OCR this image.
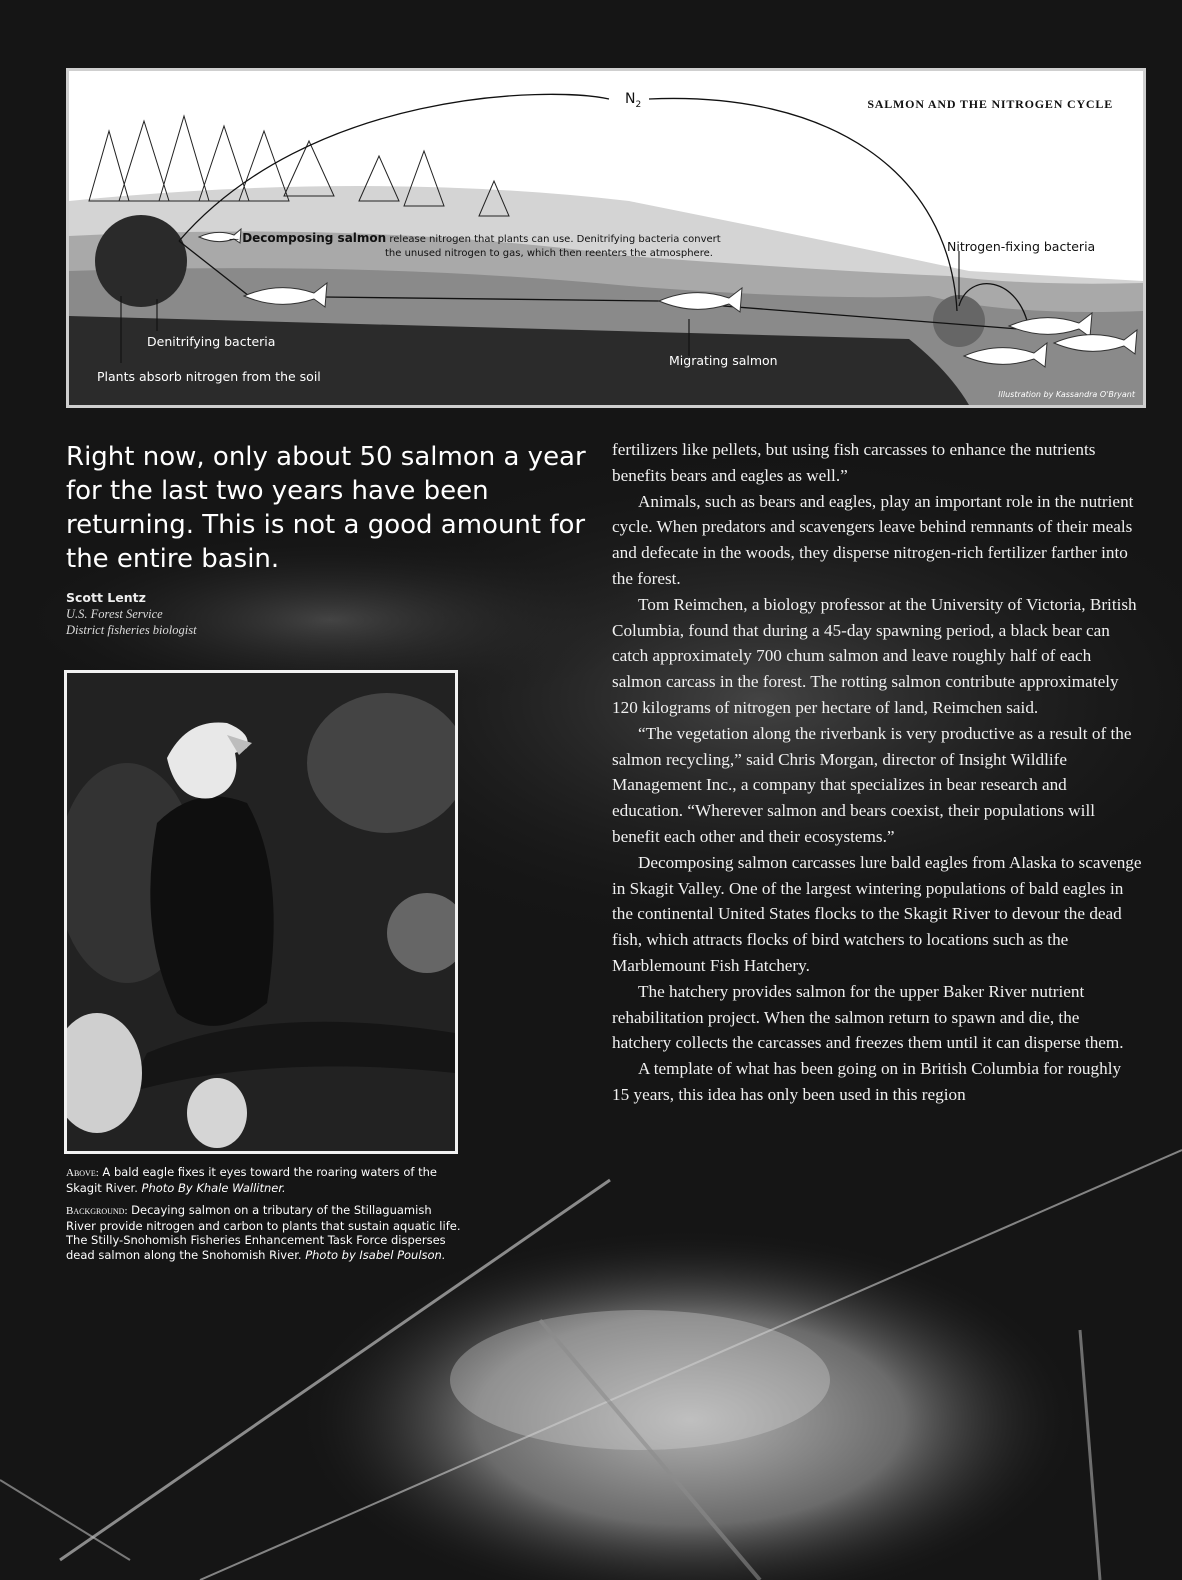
SALMON AND THE NITROGEN CYCLE
$N_2$
— Decomposing salmon release nitrogen that plants can use. Denitrifying bacteria convert
the unused nitrogen to gas, which then reenters the atmosphere.	Nitrogen-fixing bacteria
Denitrifying bacteria
Migrating salmon
Plants absorb nitrogen from the soil
Illustration by Kassandra O'Bryant

Right now, only about 50 salmon a year for the last two years have been returning. This is not a good amount for the entire basin.

Scott Lentz
U.S. Forest Service
District fisheries biologist

Above: A bald eagle fixes it eyes toward the roaring waters of the Skagit River. Photo By Khale Wallitner.

Background: Decaying salmon on a tributary of the Stillaguamish River provide nitrogen and carbon to plants that sustain aquatic life. The Stilly-Snohomish Fisheries Enhancement Task Force disperses dead salmon along the Snohomish River. Photo by Isabel Poulson.

fertilizers like pellets, but using fish carcasses to enhance the nutrients benefits bears and eagles as well.”

Animals, such as bears and eagles, play an important role in the nutrient cycle. When predators and scavengers leave behind remnants of their meals and defecate in the woods, they disperse nitrogen-rich fertilizer farther into the forest.

Tom Reimchen, a biology professor at the University of Victoria, British Columbia, found that during a 45-day spawning period, a black bear can catch approximately 700 chum salmon and leave roughly half of each salmon carcass in the forest. The rotting salmon contribute approximately 120 kilograms of nitrogen per hectare of land, Reimchen said.

“The vegetation along the riverbank is very productive as a result of the salmon recycling,” said Chris Morgan, director of Insight Wildlife Management Inc., a company that specializes in bear research and education. “Wherever salmon and bears coexist, their populations will benefit each other and their ecosystems.”

Decomposing salmon carcasses lure bald eagles from Alaska to scavenge in Skagit Valley. One of the largest wintering populations of bald eagles in the continental United States flocks to the Skagit River to devour the dead fish, which attracts flocks of bird watchers to locations such as the Marblemount Fish Hatchery.

The hatchery provides salmon for the upper Baker River nutrient rehabilitation project. When the salmon return to spawn and die, the hatchery collects the carcasses and freezes them until it can disperse them.

A template of what has been going on in British Columbia for roughly 15 years, this idea has only been used in this region
